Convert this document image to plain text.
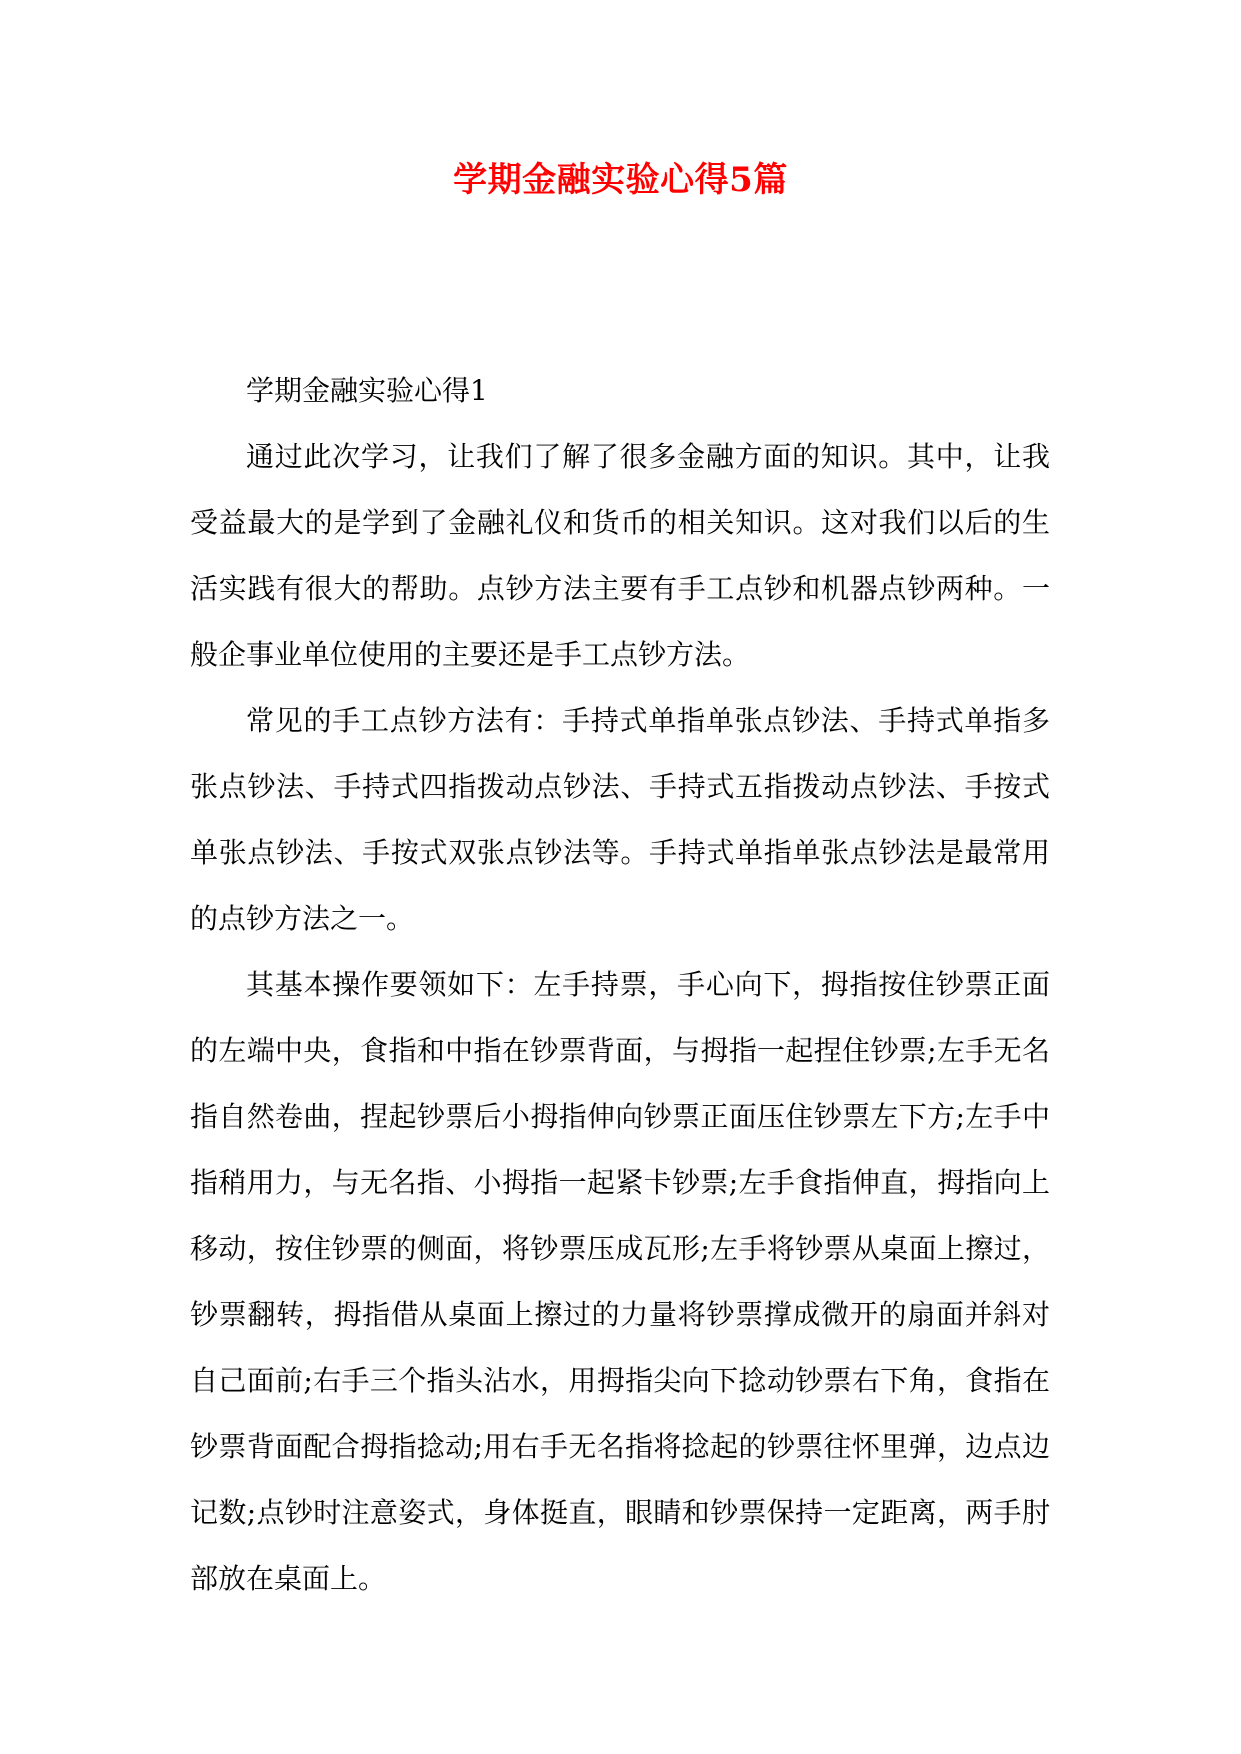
学期金融实验心得5篇

学期金融实验心得1

通过此次学习，让我们了解了很多金融方面的知识。其中，让我受益最大的是学到了金融礼仪和货币的相关知识。这对我们以后的生活实践有很大的帮助。点钞方法主要有手工点钞和机器点钞两种。一般企事业单位使用的主要还是手工点钞方法。

常见的手工点钞方法有：手持式单指单张点钞法、手持式单指多张点钞法、手持式四指拨动点钞法、手持式五指拨动点钞法、手按式单张点钞法、手按式双张点钞法等。手持式单指单张点钞法是最常用的点钞方法之一。

其基本操作要领如下：左手持票，手心向下，拇指按住钞票正面的左端中央，食指和中指在钞票背面，与拇指一起捏住钞票;左手无名指自然卷曲，捏起钞票后小拇指伸向钞票正面压住钞票左下方;左手中指稍用力，与无名指、小拇指一起紧卡钞票;左手食指伸直，拇指向上移动，按住钞票的侧面，将钞票压成瓦形;左手将钞票从桌面上擦过，钞票翻转，拇指借从桌面上擦过的力量将钞票撑成微开的扇面并斜对自己面前;右手三个指头沾水，用拇指尖向下捻动钞票右下角，食指在钞票背面配合拇指捻动;用右手无名指将捻起的钞票往怀里弹，边点边记数;点钞时注意姿式，身体挺直，眼睛和钞票保持一定距离，两手肘部放在桌面上。
